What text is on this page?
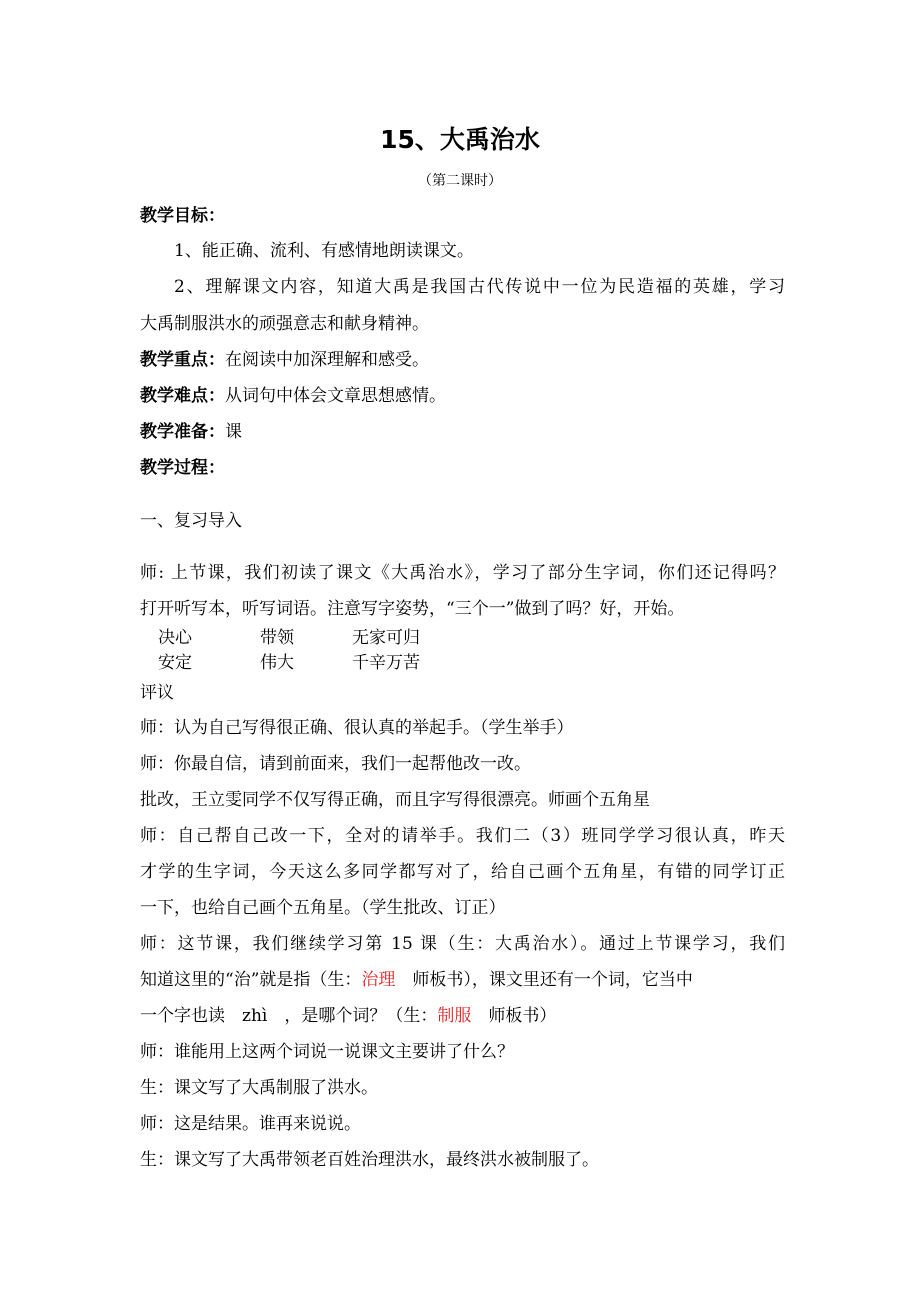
15、大禹治水
（第二课时）
教学目标：
1、能正确、流利、有感情地朗读课文。
2、理解课文内容，知道大禹是我国古代传说中一位为民造福的英雄，学习
大禹制服洪水的顽强意志和献身精神。
教学重点：在阅读中加深理解和感受。
教学难点：从词句中体会文章思想感情。
教学准备：课
教学过程：
一、复习导入
师: 上节课，我们初读了课文《大禹治水》，学习了部分生字词，你们还记得吗？
打开听写本，听写词语。注意写字姿势，“三个一”做到了吗？好，开始。
决心	带领	无家可归
安定	伟大	千辛万苦
评议
师：认为自己写得很正确、很认真的举起手。（学生举手）
师：你最自信，请到前面来，我们一起帮他改一改。
批改，王立雯同学不仅写得正确，而且字写得很漂亮。师画个五角星
师：自己帮自己改一下，全对的请举手。我们二（3）班同学学习很认真，昨天
才学的生字词，今天这么多同学都写对了，给自己画个五角星，有错的同学订正
一下，也给自己画个五角星。（学生批改、订正）
师：这节课，我们继续学习第 15 课（生：大禹治水）。通过上节课学习，我们
知道这里的“治”就是指（生：治理　师板书），课文里还有一个词，它当中
一个字也读　zhì　，是哪个词？（生：制服　师板书）
师：谁能用上这两个词说一说课文主要讲了什么？
生：课文写了大禹制服了洪水。
师：这是结果。谁再来说说。
生：课文写了大禹带领老百姓治理洪水，最终洪水被制服了。
